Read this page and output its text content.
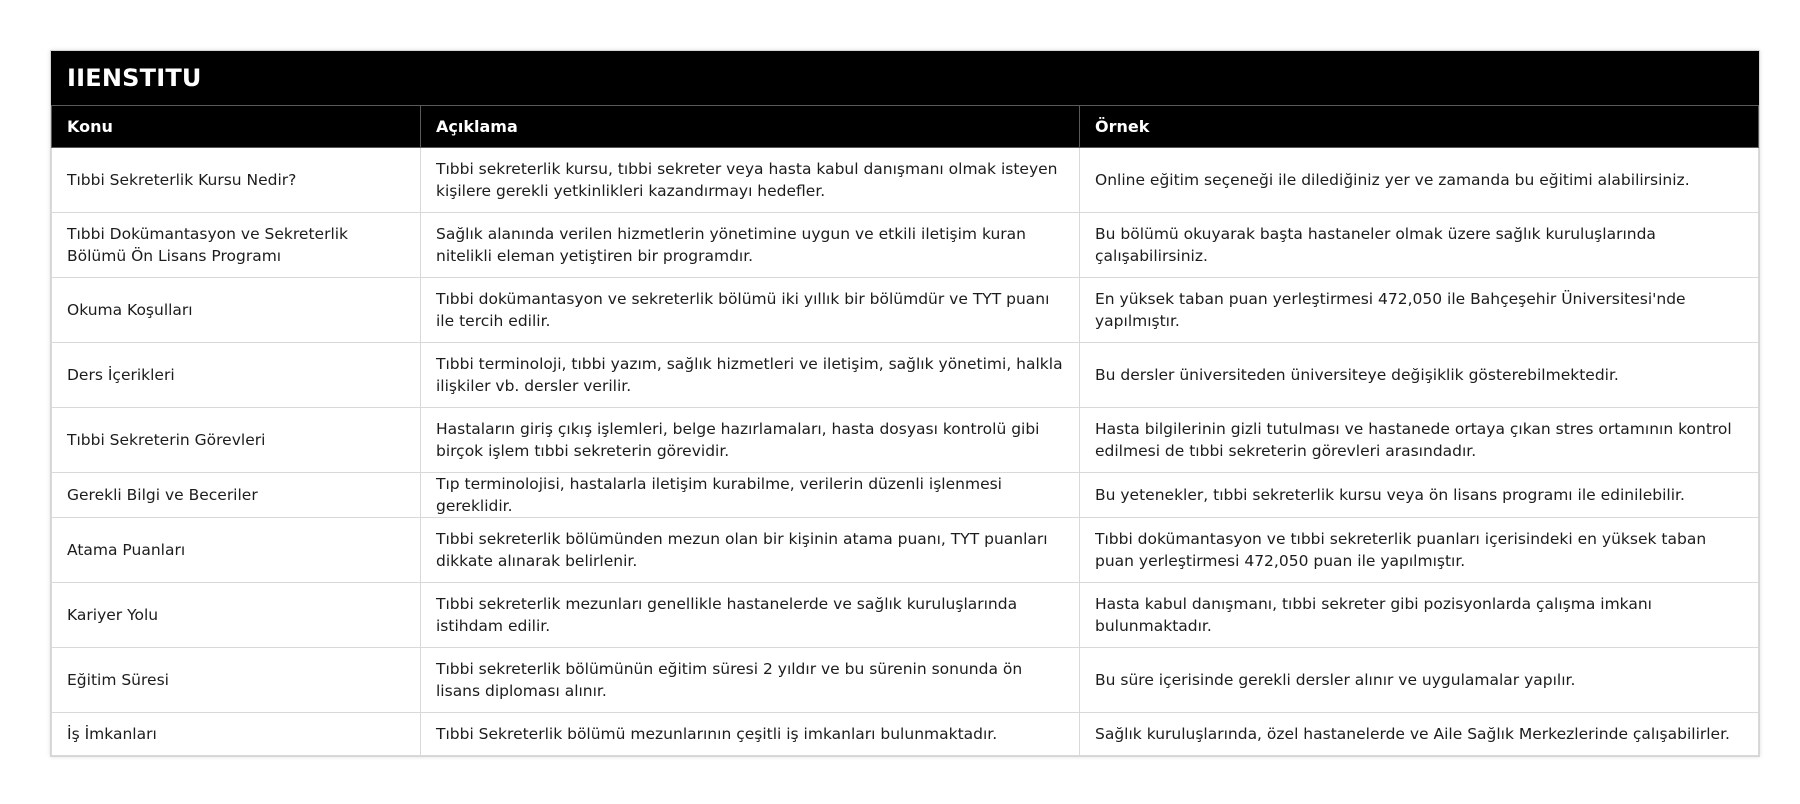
IIENSTITU
Konu	Açıklama	Örnek
Tıbbi Sekreterlik Kursu Nedir?	Tıbbi sekreterlik kursu, tıbbi sekreter veya hasta kabul danışmanı olmak isteyen kişilere gerekli yetkinlikleri kazandırmayı hedefler.	Online eğitim seçeneği ile dilediğiniz yer ve zamanda bu eğitimi alabilirsiniz.
Tıbbi Dokümantasyon ve Sekreterlik Bölümü Ön Lisans Programı	Sağlık alanında verilen hizmetlerin yönetimine uygun ve etkili iletişim kuran nitelikli eleman yetiştiren bir programdır.	Bu bölümü okuyarak başta hastaneler olmak üzere sağlık kuruluşlarında çalışabilirsiniz.
Okuma Koşulları	Tıbbi dokümantasyon ve sekreterlik bölümü iki yıllık bir bölümdür ve TYT puanı ile tercih edilir.	En yüksek taban puan yerleştirmesi 472,050 ile Bahçeşehir Üniversitesi'nde yapılmıştır.
Ders İçerikleri	Tıbbi terminoloji, tıbbi yazım, sağlık hizmetleri ve iletişim, sağlık yönetimi, halkla ilişkiler vb. dersler verilir.	Bu dersler üniversiteden üniversiteye değişiklik gösterebilmektedir.
Tıbbi Sekreterin Görevleri	Hastaların giriş çıkış işlemleri, belge hazırlamaları, hasta dosyası kontrolü gibi birçok işlem tıbbi sekreterin görevidir.	Hasta bilgilerinin gizli tutulması ve hastanede ortaya çıkan stres ortamının kontrol edilmesi de tıbbi sekreterin görevleri arasındadır.
Gerekli Bilgi ve Beceriler	Tıp terminolojisi, hastalarla iletişim kurabilme, verilerin düzenli işlenmesi gereklidir.	Bu yetenekler, tıbbi sekreterlik kursu veya ön lisans programı ile edinilebilir.
Atama Puanları	Tıbbi sekreterlik bölümünden mezun olan bir kişinin atama puanı, TYT puanları dikkate alınarak belirlenir.	Tıbbi dokümantasyon ve tıbbi sekreterlik puanları içerisindeki en yüksek taban puan yerleştirmesi 472,050 puan ile yapılmıştır.
Kariyer Yolu	Tıbbi sekreterlik mezunları genellikle hastanelerde ve sağlık kuruluşlarında istihdam edilir.	Hasta kabul danışmanı, tıbbi sekreter gibi pozisyonlarda çalışma imkanı bulunmaktadır.
Eğitim Süresi	Tıbbi sekreterlik bölümünün eğitim süresi 2 yıldır ve bu sürenin sonunda ön lisans diploması alınır.	Bu süre içerisinde gerekli dersler alınır ve uygulamalar yapılır.
İş İmkanları	Tıbbi Sekreterlik bölümü mezunlarının çeşitli iş imkanları bulunmaktadır.	Sağlık kuruluşlarında, özel hastanelerde ve Aile Sağlık Merkezlerinde çalışabilirler.
